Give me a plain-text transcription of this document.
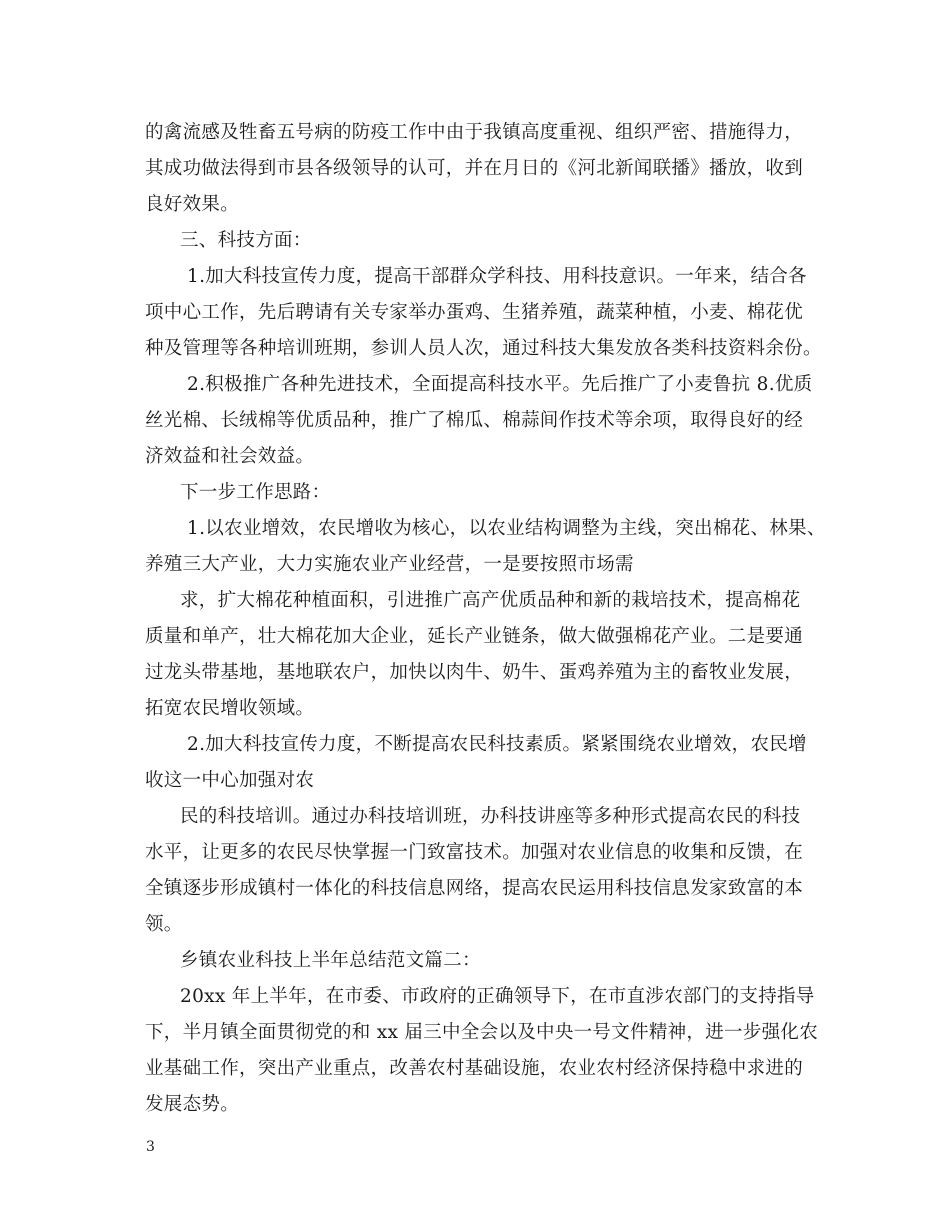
的禽流感及牲畜五号病的防疫工作中由于我镇高度重视、组织严密、措施得力，
其成功做法得到市县各级领导的认可，并在月日的《河北新闻联播》播放，收到
良好效果。
三、科技方面：
1.加大科技宣传力度，提高干部群众学科技、用科技意识。一年来，结合各
项中心工作，先后聘请有关专家举办蛋鸡、生猪养殖，蔬菜种植，小麦、棉花优
种及管理等各种培训班期，参训人员人次，通过科技大集发放各类科技资料余份。
2.积极推广各种先进技术，全面提高科技水平。先后推广了小麦鲁抗 8.优质
丝光棉、长绒棉等优质品种，推广了棉瓜、棉蒜间作技术等余项，取得良好的经
济效益和社会效益。
下一步工作思路：
1.以农业增效，农民增收为核心，以农业结构调整为主线，突出棉花、林果、
养殖三大产业，大力实施农业产业经营，一是要按照市场需
求，扩大棉花种植面积，引进推广高产优质品种和新的栽培技术，提高棉花
质量和单产，壮大棉花加大企业，延长产业链条，做大做强棉花产业。二是要通
过龙头带基地，基地联农户，加快以肉牛、奶牛、蛋鸡养殖为主的畜牧业发展，
拓宽农民增收领域。
2.加大科技宣传力度，不断提高农民科技素质。紧紧围绕农业增效，农民增
收这一中心加强对农
民的科技培训。通过办科技培训班，办科技讲座等多种形式提高农民的科技
水平，让更多的农民尽快掌握一门致富技术。加强对农业信息的收集和反馈，在
全镇逐步形成镇村一体化的科技信息网络，提高农民运用科技信息发家致富的本
领。
乡镇农业科技上半年总结范文篇二：
20xx 年上半年，在市委、市政府的正确领导下，在市直涉农部门的支持指导
下，半月镇全面贯彻党的和 xx 届三中全会以及中央一号文件精神，进一步强化农
业基础工作，突出产业重点，改善农村基础设施，农业农村经济保持稳中求进的
发展态势。
3
